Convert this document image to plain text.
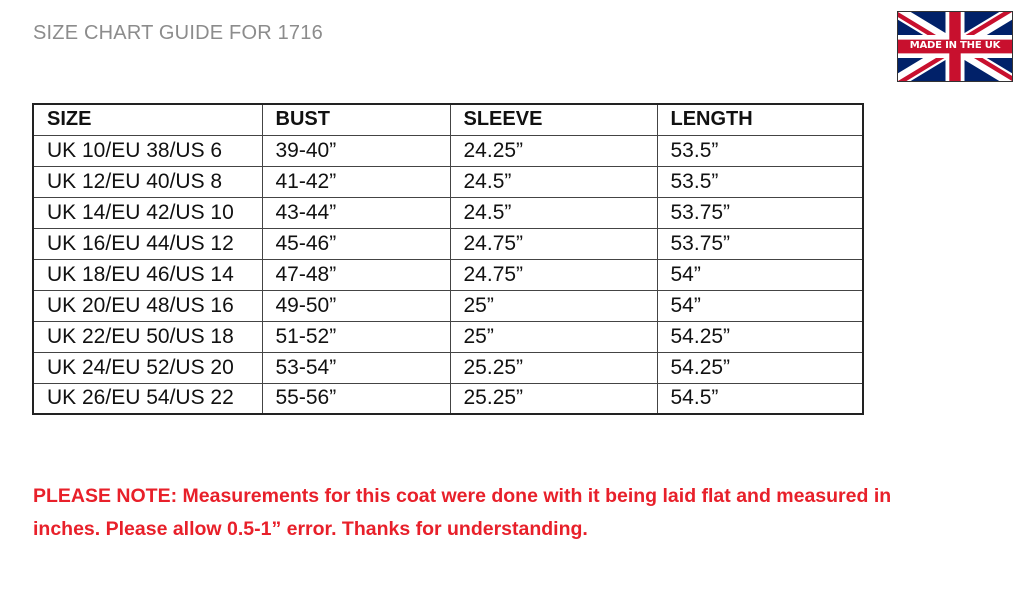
SIZE CHART GUIDE FOR 1716
MADE IN THE UK
SIZE	BUST	SLEEVE	LENGTH
UK 10/EU 38/US 6	39-40”	24.25”	53.5”
UK 12/EU 40/US 8	41-42”	24.5”	53.5”
UK 14/EU 42/US 10	43-44”	24.5”	53.75”
UK 16/EU 44/US 12	45-46”	24.75”	53.75”
UK 18/EU 46/US 14	47-48”	24.75”	54”
UK 20/EU 48/US 16	49-50”	25”	54”
UK 22/EU 50/US 18	51-52”	25”	54.25”
UK 24/EU 52/US 20	53-54”	25.25”	54.25”
UK 26/EU 54/US 22	55-56”	25.25”	54.5”
PLEASE NOTE: Measurements for this coat were done with it being laid flat and measured in
inches. Please allow 0.5-1” error. Thanks for understanding.
